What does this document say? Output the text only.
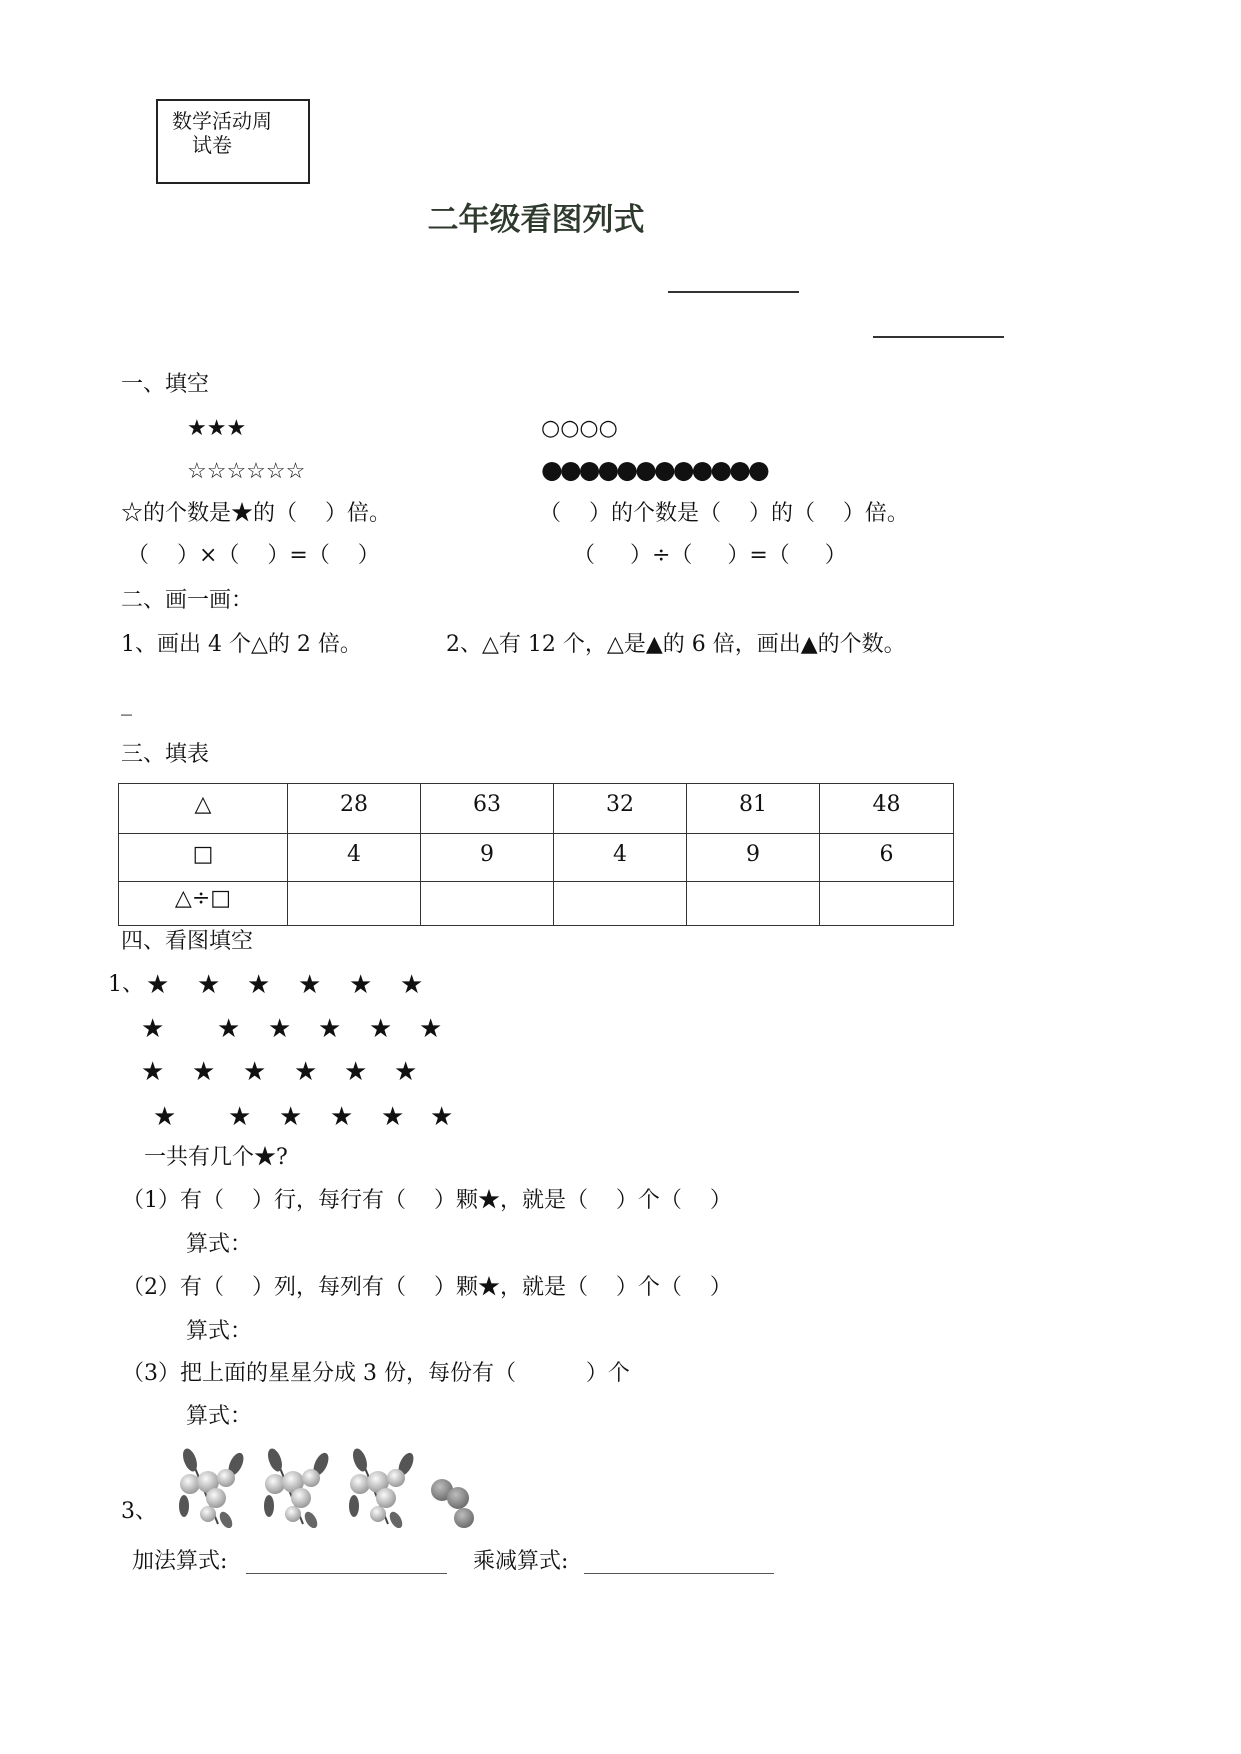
数学活动周
试卷
二年级看图列式
一、填空
★★★	○○○○
☆☆☆☆☆☆	●●●●●●●●●●●●
☆的个数是★的（    ）倍。	（    ）的个数是（    ）的（    ）倍。
（    ）×（    ）=（    ）	（     ）÷（     ）=（     ）
二、画一画：
1、画出 4 个△的 2 倍。	2、△有 12 个，△是▲的 6 倍，画出▲的个数。
_
三、填表
△	28	63	32	81	48
□	4	9	4	9	6
△÷□					
四、看图填空
1、 ★ ★ ★ ★ ★ ★
★ ★ ★ ★ ★ ★
★ ★ ★ ★ ★ ★
★ ★ ★ ★ ★ ★
一共有几个★?
（1）有（    ）行，每行有（    ）颗★，就是（    ）个（    ）
算式：
（2）有（    ）列，每列有（    ）颗★，就是（    ）个（    ）
算式：
（3）把上面的星星分成 3 份，每份有（          ）个
算式：
3、
加法算式:	乘减算式:
